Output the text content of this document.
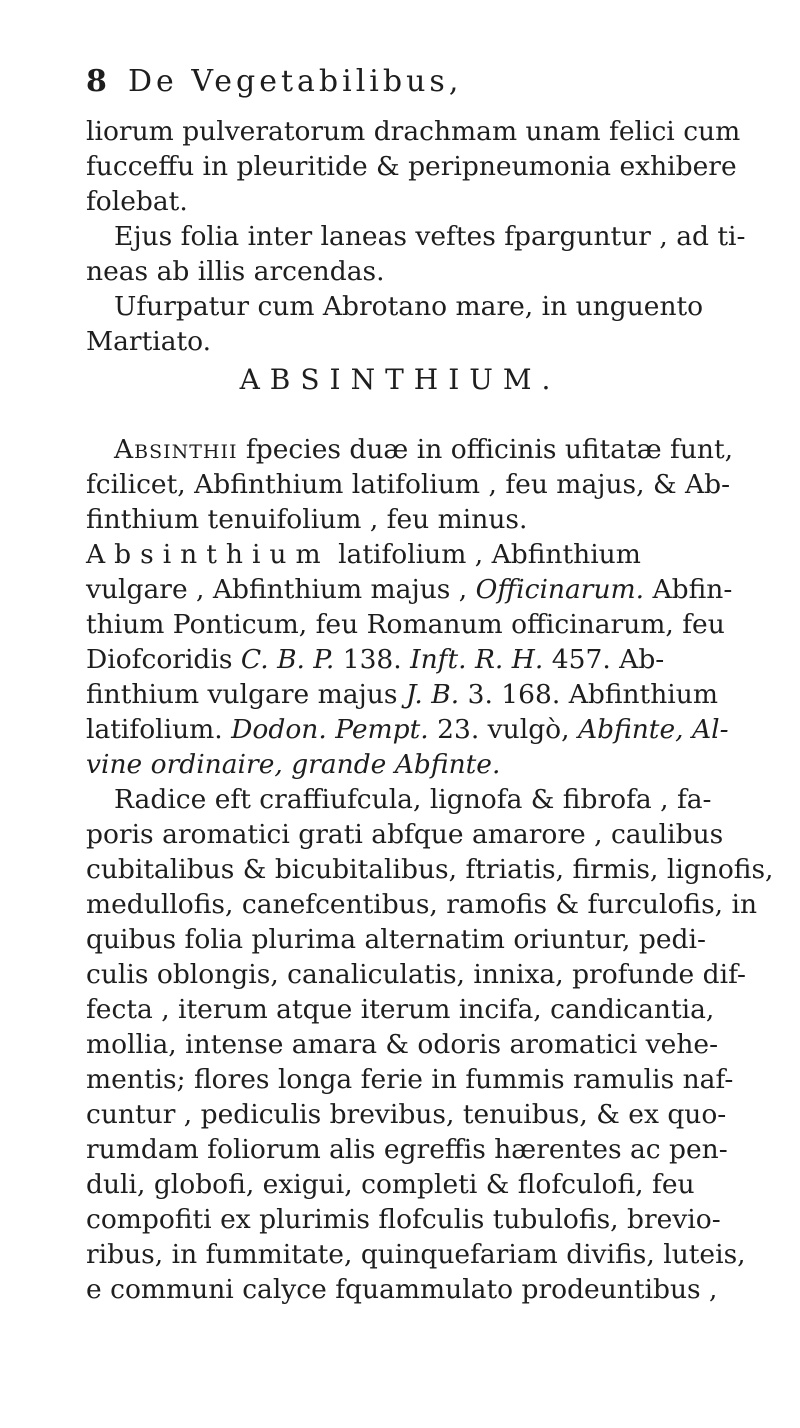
8 De Vegetabilibus,
liorum pulveratorum drachmam unam felici cum
fucceffu in pleuritide & peripneumonia exhibere
folebat.
Ejus folia inter laneas veftes fparguntur , ad ti-
neas ab illis arcendas.
Ufurpatur cum Abrotano mare, in unguento
Martiato.
ABSINTHIUM.
Absinthii fpecies duæ in officinis ufitatæ funt,
fcilicet, Abfinthium latifolium , feu majus, & Ab-
finthium tenuifolium , feu minus.
Absinthium latifolium , Abfinthium
vulgare , Abfinthium majus , Officinarum. Abfin-
thium Ponticum, feu Romanum officinarum, feu
Diofcoridis C. B. P. 138. Inft. R. H. 457. Ab-
finthium vulgare majus J. B. 3. 168. Abfinthium
latifolium. Dodon. Pempt. 23. vulgò, Abfinte, Al-
vine ordinaire, grande Abfinte.
Radice eft craffiufcula, lignofa & fibrofa , fa-
poris aromatici grati abfque amarore , caulibus
cubitalibus & bicubitalibus, ftriatis, firmis, lignofis,
medullofis, canefcentibus, ramofis & furculofis, in
quibus folia plurima alternatim oriuntur, pedi-
culis oblongis, canaliculatis, innixa, profunde dif-
fecta , iterum atque iterum incifa, candicantia,
mollia, intense amara & odoris aromatici vehe-
mentis; flores longa ferie in fummis ramulis naf-
cuntur , pediculis brevibus, tenuibus, & ex quo-
rumdam foliorum alis egreffis hærentes ac pen-
duli, globofi, exigui, completi & flofculofi, feu
compofiti ex plurimis flofculis tubulofis, brevio-
ribus, in fummitate, quinquefariam divifis, luteis,
e communi calyce fquammulato prodeuntibus ,
